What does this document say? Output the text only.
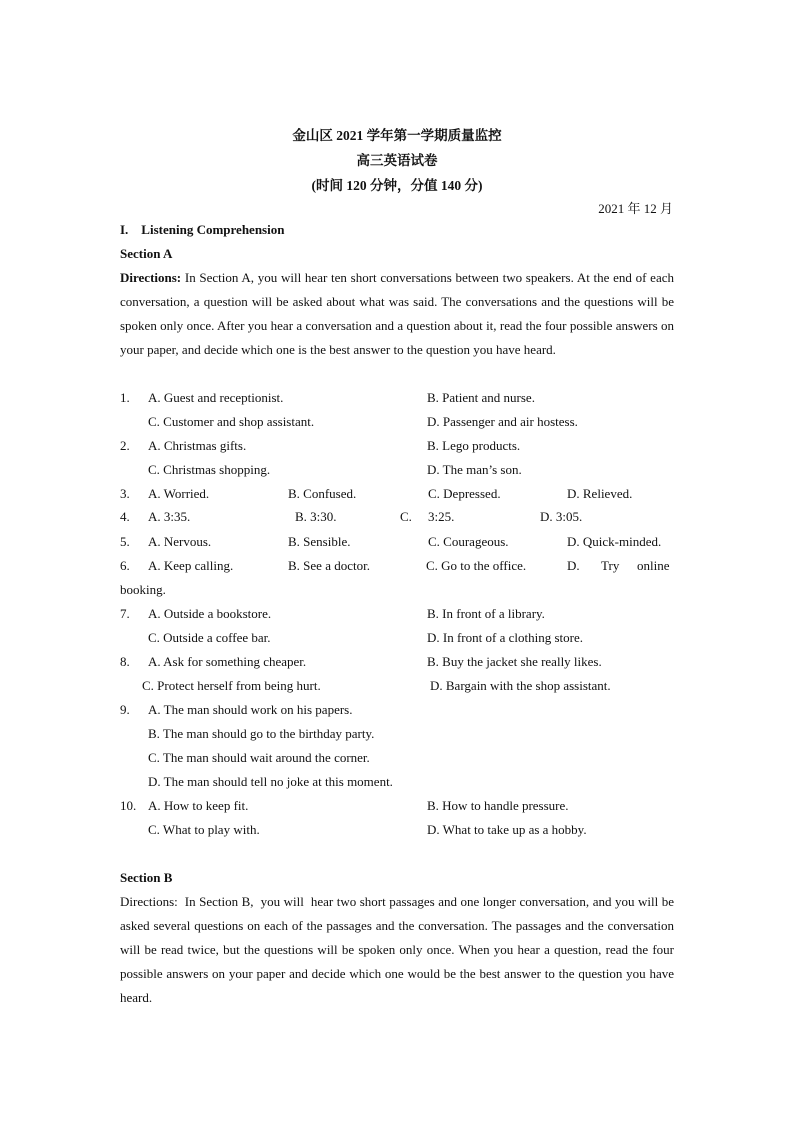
金山区 2021 学年第一学期质量监控
高三英语试卷
(时间 120 分钟，分值 140 分)
2021 年 12 月
I.    Listening Comprehension
Section A
Directions: In Section A, you will hear ten short conversations between two speakers. At the end of each conversation, a question will be asked about what was said. The conversations and the questions will be spoken only once. After you hear a conversation and a question about it, read the four possible answers on your paper, and decide which one is the best answer to the question you have heard.
1. A. Guest and receptionist.	B. Patient and nurse.
C. Customer and shop assistant.	D. Passenger and air hostess.
2. A. Christmas gifts.	B. Lego products.
C. Christmas shopping.	D. The man’s son.
3. A. Worried.	B. Confused.	C. Depressed.	D. Relieved.
4. A. 3:35.	B. 3:30.	C. 3:25.	D. 3:05.
5. A. Nervous.	B. Sensible.	C. Courageous.	D. Quick-minded.
6. A. Keep calling.	B. See a doctor.	C. Go to the office.	D. Try online
booking.
7. A. Outside a bookstore.	B. In front of a library.
C. Outside a coffee bar.	D. In front of a clothing store.
8. A. Ask for something cheaper.	B. Buy the jacket she really likes.
C. Protect herself from being hurt.	D. Bargain with the shop assistant.
9. A. The man should work on his papers.
B. The man should go to the birthday party.
C. The man should wait around the corner.
D. The man should tell no joke at this moment.
10. A. How to keep fit.	B. How to handle pressure.
C. What to play with.	D. What to take up as a hobby.
Section B
Directions:  In Section B,  you will  hear two short passages and one longer conversation, and you will be asked several questions on each of the passages and the conversation. The passages and the conversation will be read twice, but the questions will be spoken only once. When you hear a question, read the four possible answers on your paper and decide which one would be the best answer to the question you have heard.
